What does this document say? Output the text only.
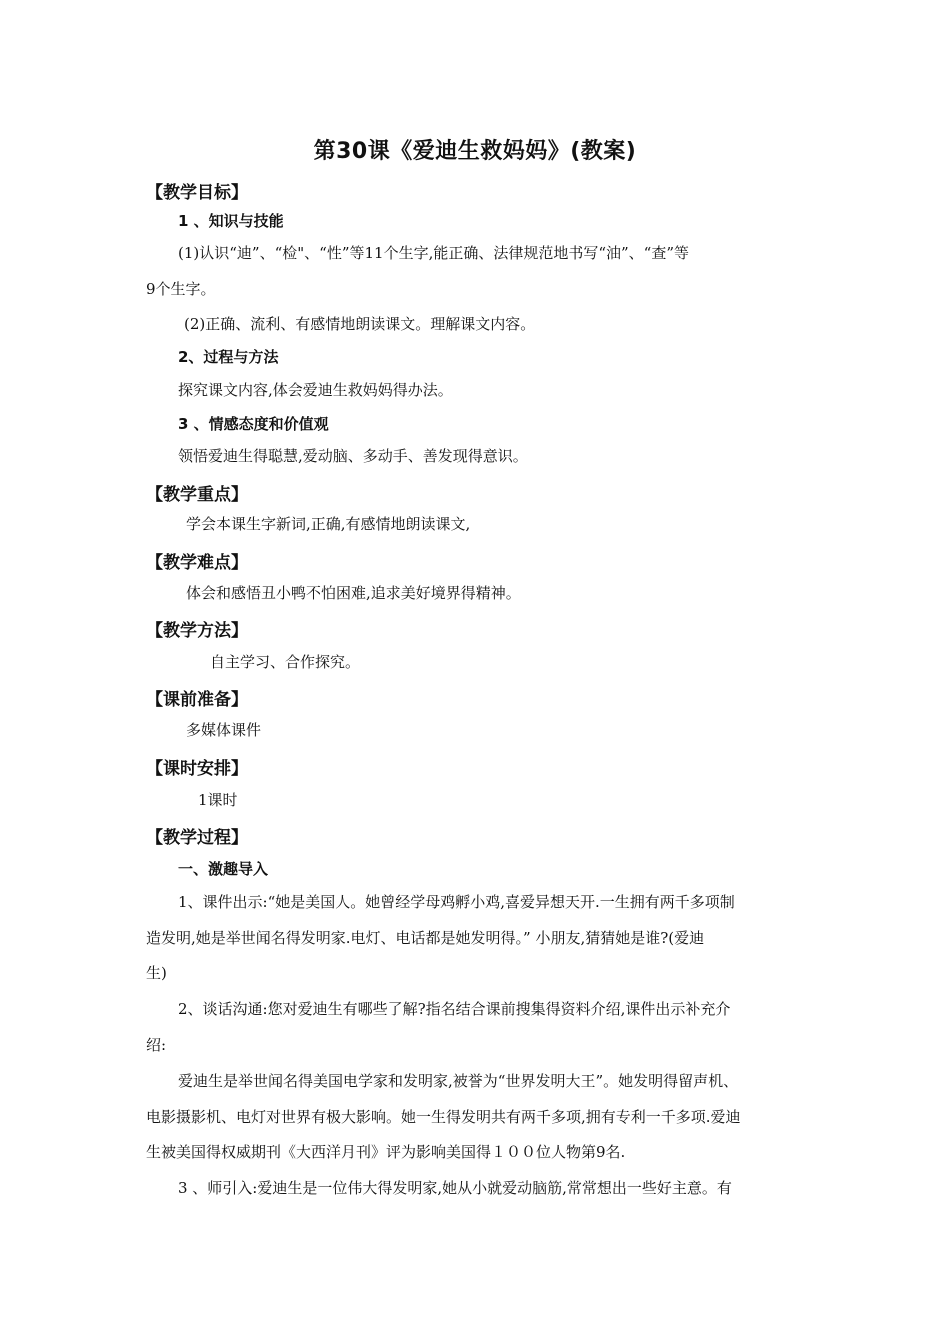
第30课《爱迪生救妈妈》(教案)
【教学目标】
1 、知识与技能
(1)认识“迪”、“检"、“性”等11个生字,能正确、法律规范地书写“油”、“查”等
9个生字。
(2)正确、流利、有感情地朗读课文。理解课文内容。
2、过程与方法
探究课文内容,体会爱迪生救妈妈得办法。
3 、情感态度和价值观
领悟爱迪生得聪慧,爱动脑、多动手、善发现得意识。
【教学重点】
学会本课生字新词,正确,有感情地朗读课文,
【教学难点】
体会和感悟丑小鸭不怕困难,追求美好境界得精神。
【教学方法】
自主学习、合作探究。
【课前准备】
多媒体课件
【课时安排】
1课时
【教学过程】
一、激趣导入
1、课件出示:“她是美国人。她曾经学母鸡孵小鸡,喜爱异想天开.一生拥有两千多项制
造发明,她是举世闻名得发明家.电灯、电话都是她发明得。” 小朋友,猜猜她是谁?(爱迪
生)
2、谈话沟通:您对爱迪生有哪些了解?指名结合课前搜集得资料介绍,课件出示补充介
绍:
爱迪生是举世闻名得美国电学家和发明家,被誉为“世界发明大王”。她发明得留声机、
电影摄影机、电灯对世界有极大影响。她一生得发明共有两千多项,拥有专利一千多项.爱迪
生被美国得权威期刊《大西洋月刊》评为影响美国得１００位人物第9名.
3 、师引入:爱迪生是一位伟大得发明家,她从小就爱动脑筋,常常想出一些好主意。有
